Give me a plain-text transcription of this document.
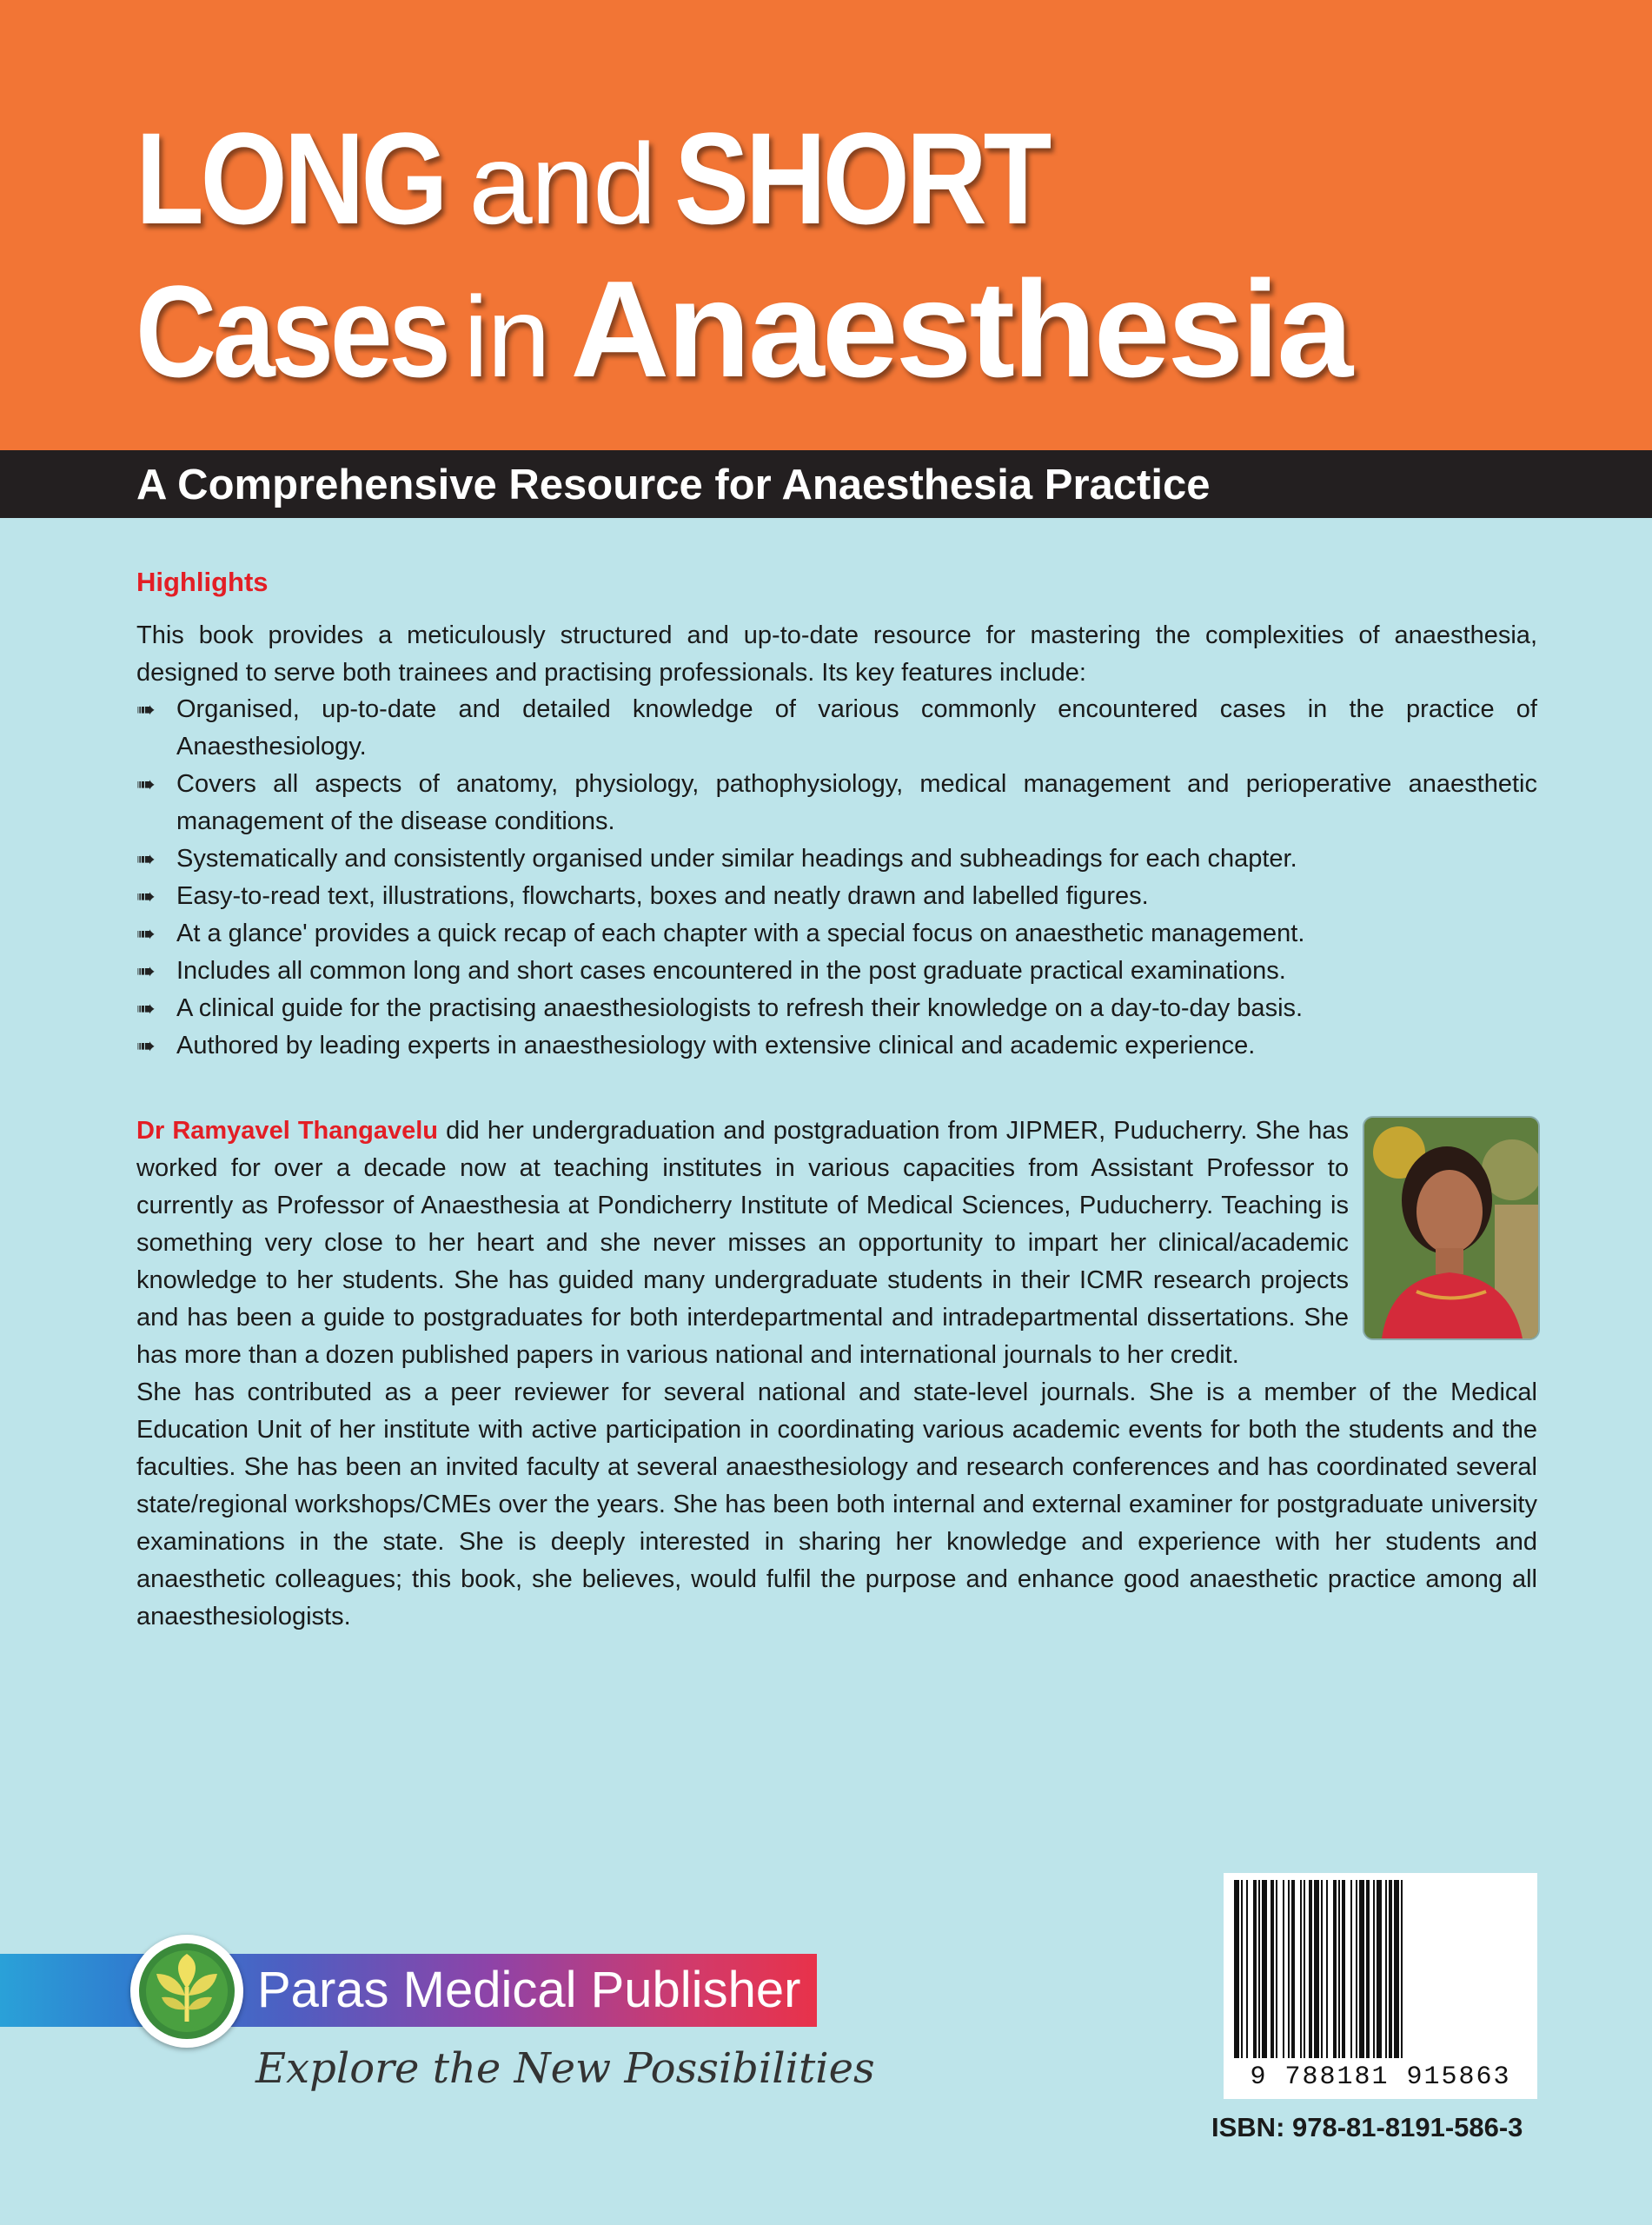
LONG and SHORT
Cases in Anaesthesia
A Comprehensive Resource for Anaesthesia Practice
Highlights
This book provides a meticulously structured and up-to-date resource for mastering the complexities of anaesthesia, designed to serve both trainees and practising professionals. Its key features include:
➠ Organised, up-to-date and detailed knowledge of various commonly encountered cases in the practice of Anaesthesiology.
➠ Covers all aspects of anatomy, physiology, pathophysiology, medical management and perioperative anaesthetic management of the disease conditions.
➠ Systematically and consistently organised under similar headings and subheadings for each chapter.
➠ Easy-to-read text, illustrations, flowcharts, boxes and neatly drawn and labelled figures.
➠ At a glance' provides a quick recap of each chapter with a special focus on anaesthetic management.
➠ Includes all common long and short cases encountered in the post graduate practical examinations.
➠ A clinical guide for the practising anaesthesiologists to refresh their knowledge on a day-to-day basis.
➠ Authored by leading experts in anaesthesiology with extensive clinical and academic experience.
Dr Ramyavel Thangavelu did her undergraduation and postgraduation from JIPMER, Puducherry. She has worked for over a decade now at teaching institutes in various capacities from Assistant Professor to currently as Professor of Anaesthesia at Pondicherry Institute of Medical Sciences, Puducherry. Teaching is something very close to her heart and she never misses an opportunity to impart her clinical/academic knowledge to her students. She has guided many undergraduate students in their ICMR research projects and has been a guide to postgraduates for both interdepartmental and intradepartmental dissertations. She has more than a dozen published papers in various national and international journals to her credit.
She has contributed as a peer reviewer for several national and state-level journals. She is a member of the Medical Education Unit of her institute with active participation in coordinating various academic events for both the students and the faculties. She has been an invited faculty at several anaesthesiology and research conferences and has coordinated several state/regional workshops/CMEs over the years. She has been both internal and external examiner for postgraduate university examinations in the state. She is deeply interested in sharing her knowledge and experience with her students and anaesthetic colleagues; this book, she believes, would fulfil the purpose and enhance good anaesthetic practice among all anaesthesiologists.
Paras Medical Publisher
Explore the New Possibilities	9 788181 915863
ISBN: 978-81-8191-586-3
